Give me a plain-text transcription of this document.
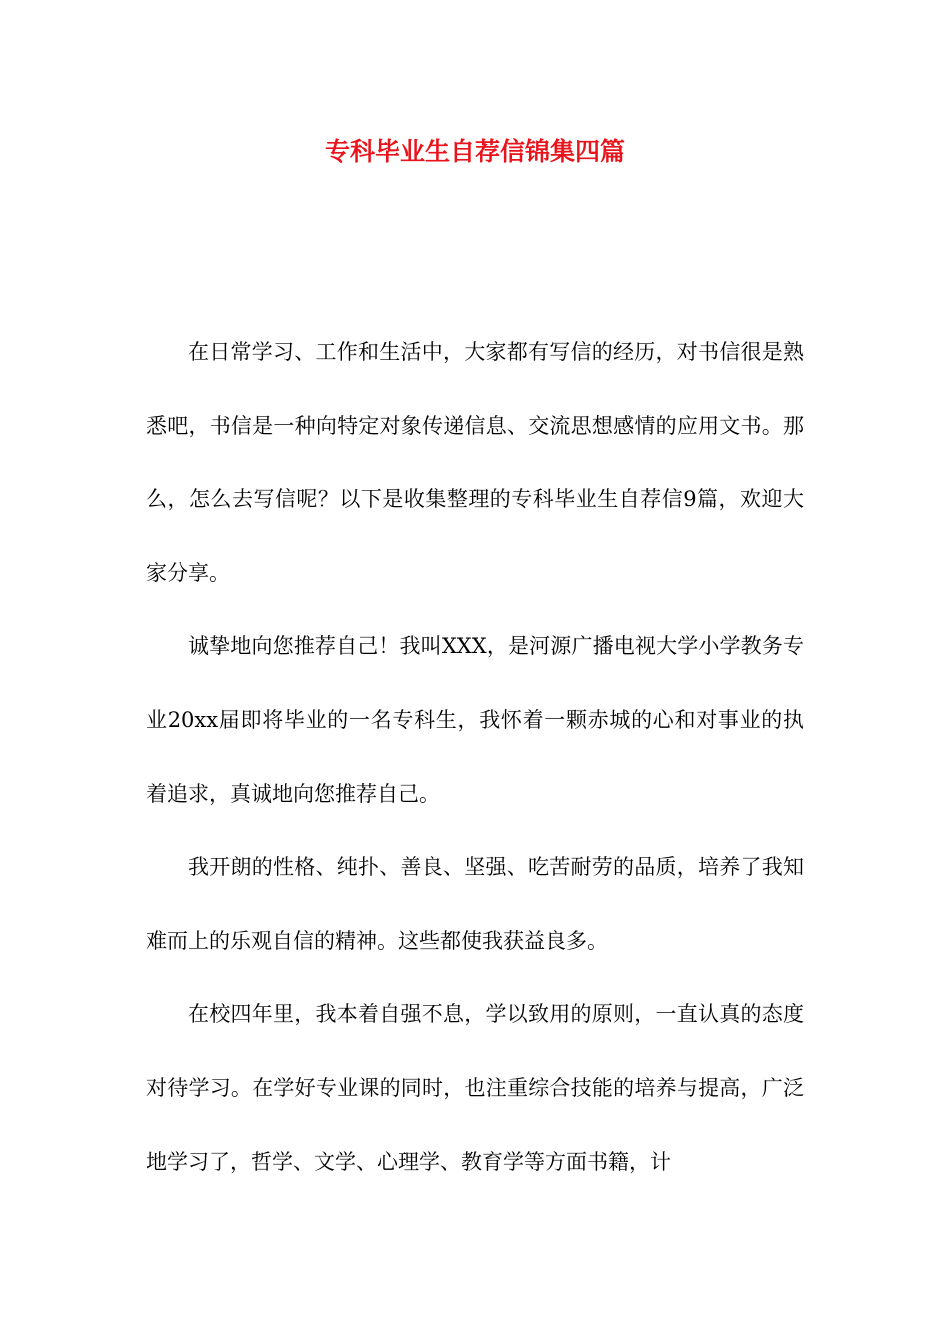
专科毕业生自荐信锦集四篇

在日常学习、工作和生活中，大家都有写信的经历，对书信很是熟悉吧，书信是一种向特定对象传递信息、交流思想感情的应用文书。那么，怎么去写信呢？以下是收集整理的专科毕业生自荐信9篇，欢迎大家分享。

诚挚地向您推荐自己！我叫XXX，是河源广播电视大学小学教务专业20xx届即将毕业的一名专科生，我怀着一颗赤城的心和对事业的执着追求，真诚地向您推荐自己。

我开朗的性格、纯扑、善良、坚强、吃苦耐劳的品质，培养了我知难而上的乐观自信的精神。这些都使我获益良多。

在校四年里，我本着自强不息，学以致用的原则，一直认真的态度对待学习。在学好专业课的同时，也注重综合技能的培养与提高，广泛地学习了，哲学、文学、心理学、教育学等方面书籍，计
